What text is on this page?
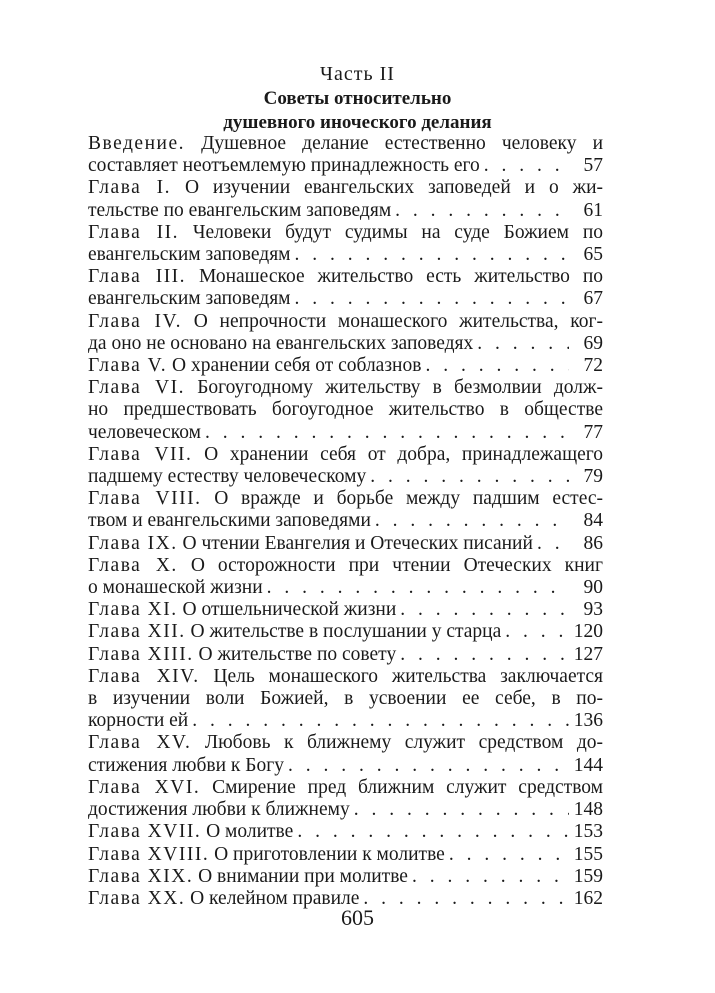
Часть II
Советы относительно
душевного иноческого делания
Введение. Душевное делание естественно человеку и
составляет неотъемлемую принадлежность его . . .	57
Глава I. О изучении евангельских заповедей и о жи-
тельстве по евангельским заповедям . . .	61
Глава II. Человеки будут судимы на суде Божием по
евангельским заповедям . . .	65
Глава III. Монашеское жительство есть жительство по
евангельским заповедям . . .	67
Глава IV. О непрочности монашеского жительства, ког-
да оно не основано на евангельских заповедях . . .	69
Глава V. О хранении себя от соблазнов . . .	72
Глава VI. Богоугодному жительству в безмолвии долж-
но предшествовать богоугодное жительство в обществе
человеческом . . .	77
Глава VII. О хранении себя от добра, принадлежащего
падшему естеству человеческому . . .	79
Глава VIII. О вражде и борьбе между падшим естес-
твом и евангельскими заповедями . . .	84
Глава IX. О чтении Евангелия и Отеческих писаний . . .	86
Глава X. О осторожности при чтении Отеческих книг
о монашеской жизни . . .	90
Глава XI. О отшельнической жизни . . .	93
Глава XII. О жительстве в послушании у старца . . .	120
Глава XIII. О жительстве по совету . . .	127
Глава XIV. Цель монашеского жительства заключается
в изучении воли Божией, в усвоении ее себе, в по-
корности ей . . .	136
Глава XV. Любовь к ближнему служит средством до-
стижения любви к Богу . . .	144
Глава XVI. Смирение пред ближним служит средством
достижения любви к ближнему . . .	148
Глава XVII. О молитве . . .	153
Глава XVIII. О приготовлении к молитве . . .	155
Глава XIX. О внимании при молитве . . .	159
Глава XX. О келейном правиле . . .	162
605
